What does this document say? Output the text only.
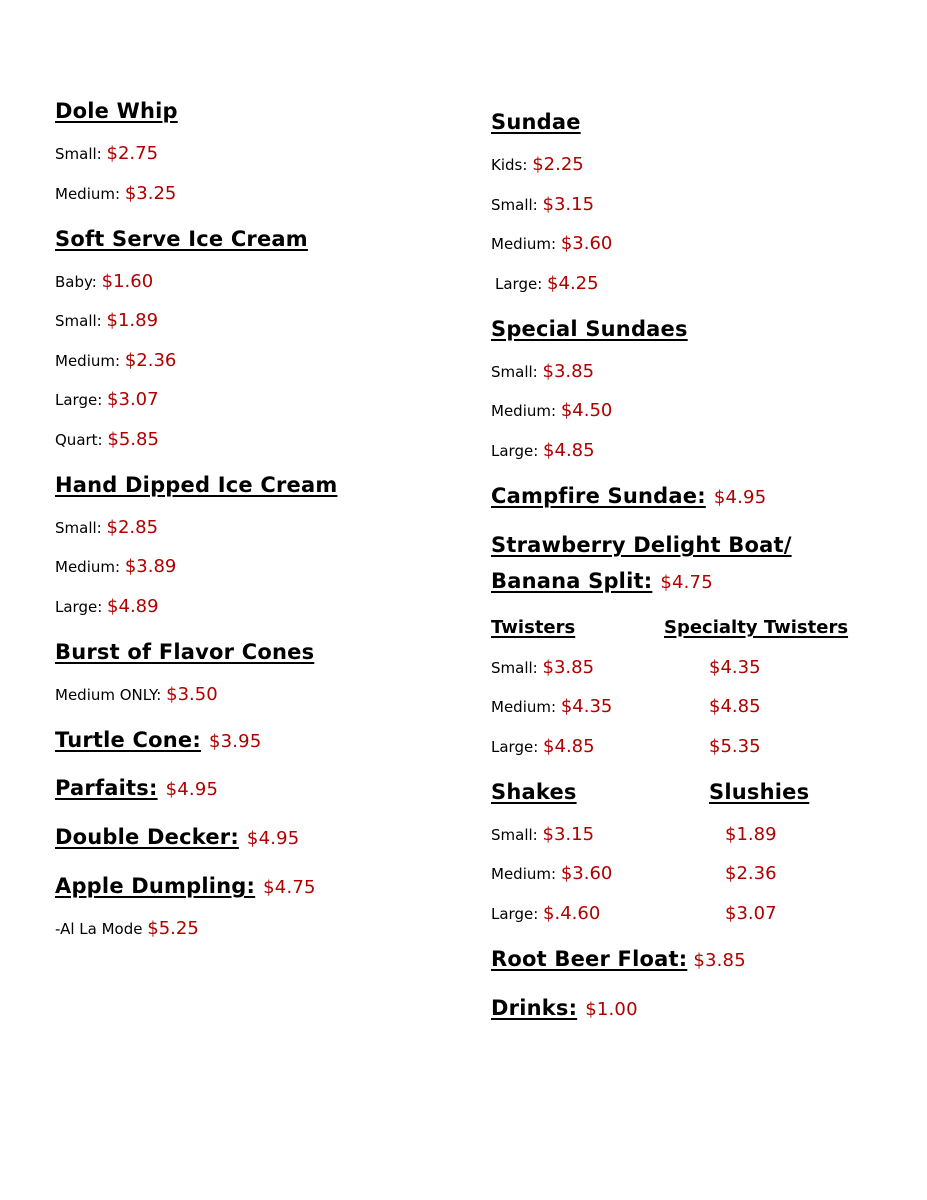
Dole Whip
Small: $2.75
Medium: $3.25
Soft Serve Ice Cream
Baby: $1.60
Small: $1.89
Medium: $2.36
Large: $3.07
Quart: $5.85
Hand Dipped Ice Cream
Small: $2.85
Medium: $3.89
Large: $4.89
Burst of Flavor Cones
Medium ONLY: $3.50
Turtle Cone: $3.95
Parfaits: $4.95
Double Decker: $4.95
Apple Dumpling: $4.75
-Al La Mode $5.25
Sundae
Kids: $2.25
Small: $3.15
Medium: $3.60
Large: $4.25
Special Sundaes
Small: $3.85
Medium: $4.50
Large: $4.85
Campfire Sundae: $4.95
Strawberry Delight Boat/
Banana Split: $4.75
Twisters	Specialty Twisters
Small: $3.85	$4.35
Medium: $4.35	$4.85
Large: $4.85	$5.35
Shakes	Slushies
Small: $3.15	$1.89
Medium: $3.60	$2.36
Large: $.4.60	$3.07
Root Beer Float: $3.85
Drinks: $1.00
